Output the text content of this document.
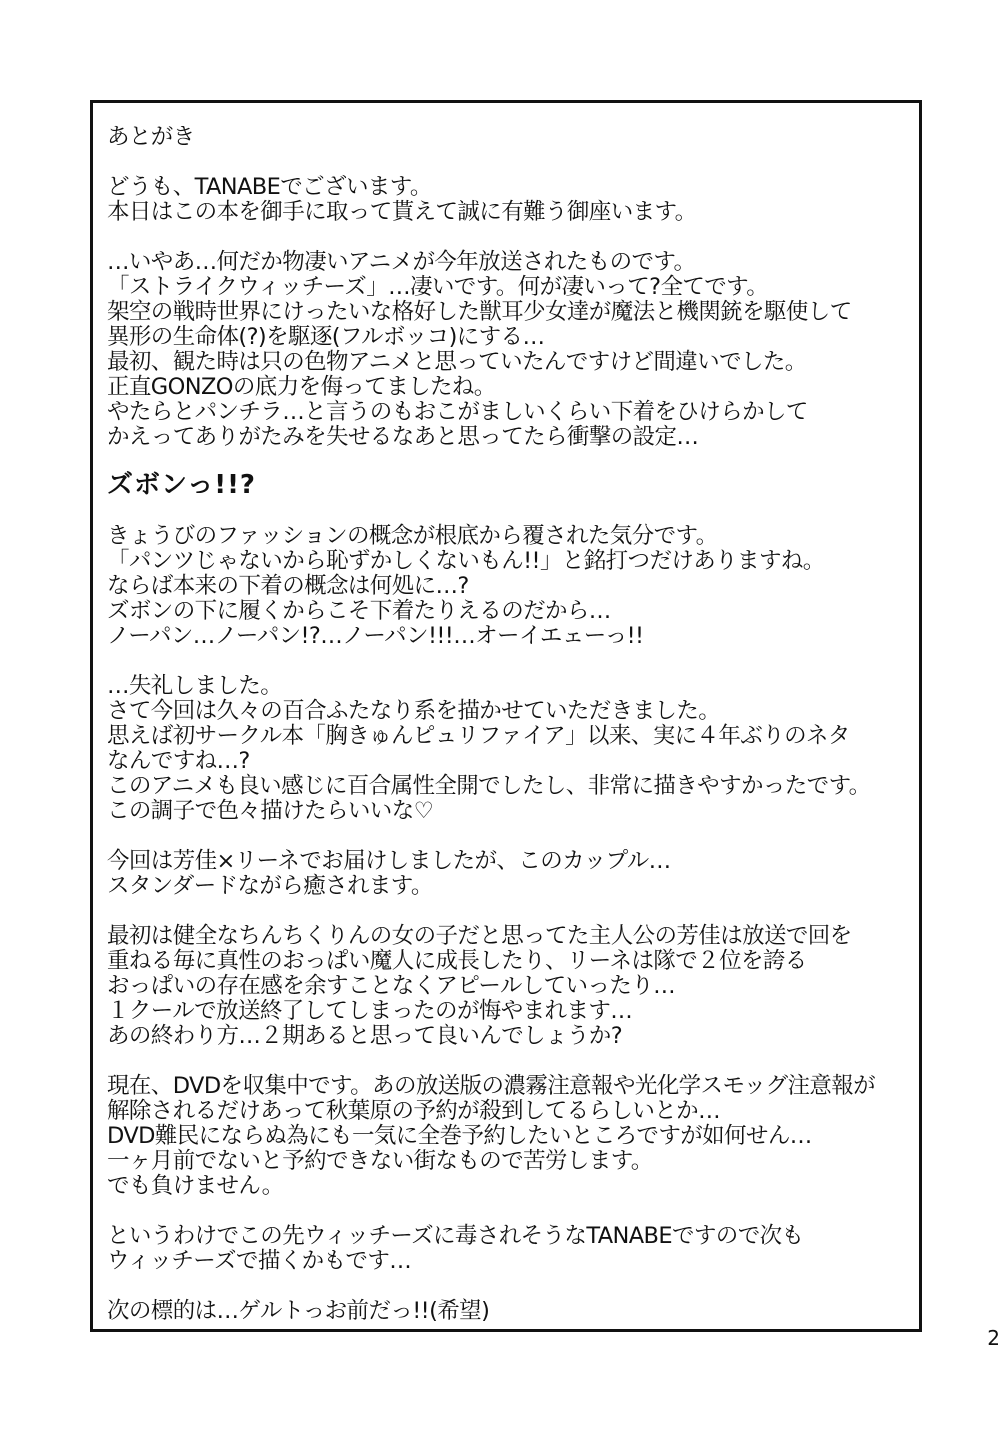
あとがき
どうも、TANABEでございます。
本日はこの本を御手に取って貰えて誠に有難う御座います。
…いやあ…何だか物凄いアニメが今年放送されたものです。
「ストライクウィッチーズ」…凄いです。何が凄いって?全てです。
架空の戦時世界にけったいな格好した獣耳少女達が魔法と機関銃を駆使して
異形の生命体(?)を駆逐(フルボッコ)にする…
最初、観た時は只の色物アニメと思っていたんですけど間違いでした。
正直GONZOの底力を侮ってましたね。
やたらとパンチラ…と言うのもおこがましいくらい下着をひけらかして
かえってありがたみを失せるなあと思ってたら衝撃の設定…
ズボンっ!!?
きょうびのファッションの概念が根底から覆された気分です。
「パンツじゃないから恥ずかしくないもん!!」と銘打つだけありますね。
ならば本来の下着の概念は何処に…?
ズボンの下に履くからこそ下着たりえるのだから…
ノーパン…ノーパン!?…ノーパン!!!…オーイエェーっ!!
…失礼しました。
さて今回は久々の百合ふたなり系を描かせていただきました。
思えば初サークル本「胸きゅんピュリファイア」以来、実に４年ぶりのネタ
なんですね…?
このアニメも良い感じに百合属性全開でしたし、非常に描きやすかったです。
この調子で色々描けたらいいな♡
今回は芳佳×リーネでお届けしましたが、このカップル…
スタンダードながら癒されます。
最初は健全なちんちくりんの女の子だと思ってた主人公の芳佳は放送で回を
重ねる毎に真性のおっぱい魔人に成長したり、リーネは隊で２位を誇る
おっぱいの存在感を余すことなくアピールしていったり…
１クールで放送終了してしまったのが悔やまれます…
あの終わり方…２期あると思って良いんでしょうか?
現在、DVDを収集中です。あの放送版の濃霧注意報や光化学スモッグ注意報が
解除されるだけあって秋葉原の予約が殺到してるらしいとか…
DVD難民にならぬ為にも一気に全巻予約したいところですが如何せん…
一ヶ月前でないと予約できない街なもので苦労します。
でも負けません。
というわけでこの先ウィッチーズに毒されそうなTANABEですので次も
ウィッチーズで描くかもです…
次の標的は…ゲルトっお前だっ!!(希望)
2
